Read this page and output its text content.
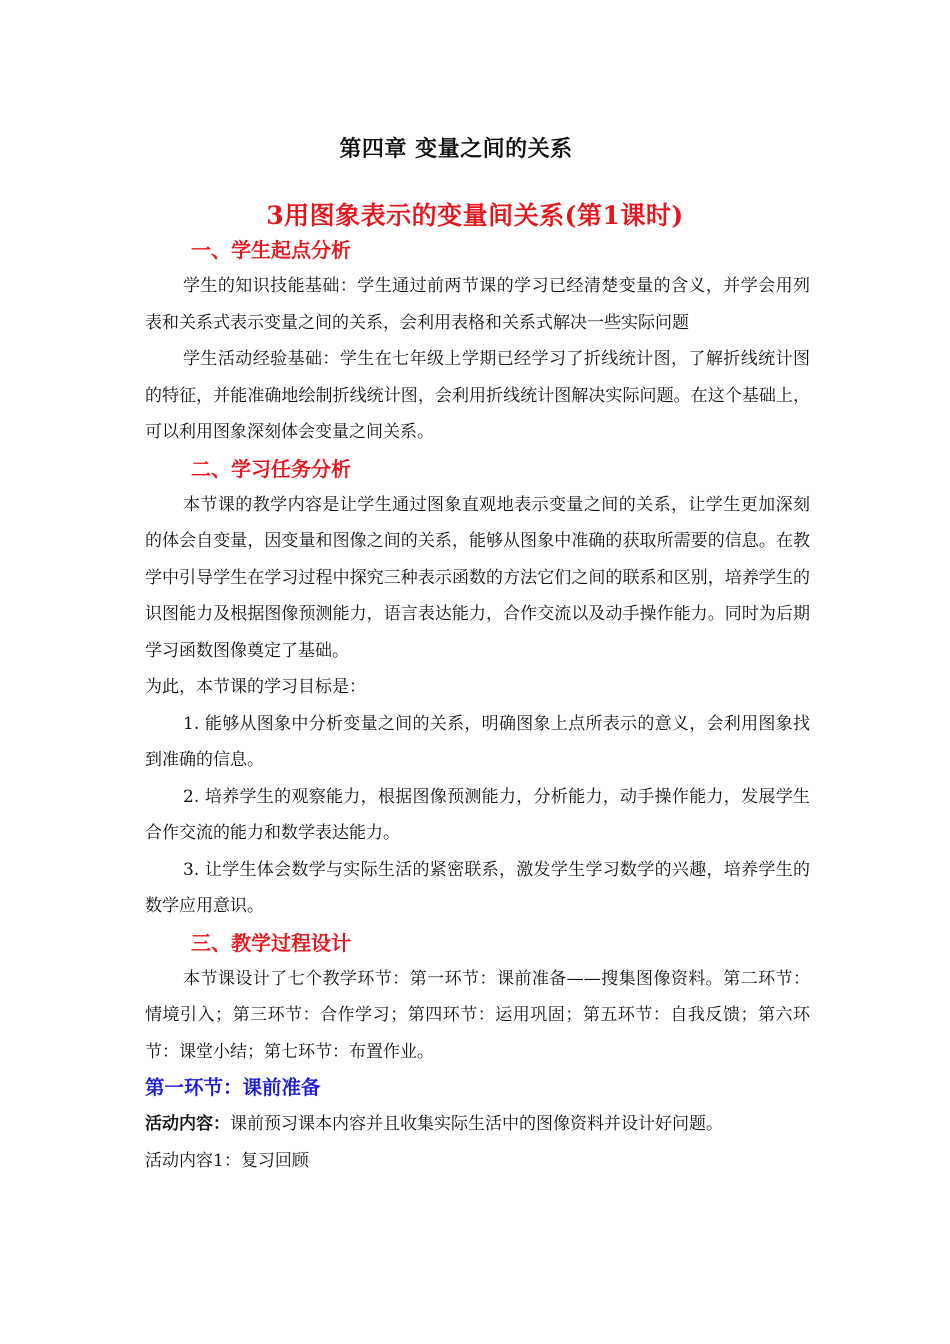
第四章 变量之间的关系
3用图象表示的变量间关系(第1课时)

一、学生起点分析

学生的知识技能基础：学生通过前两节课的学习已经清楚变量的含义，并学会用列表和关系式表示变量之间的关系，会利用表格和关系式解决一些实际问题

学生活动经验基础：学生在七年级上学期已经学习了折线统计图，了解折线统计图的特征，并能准确地绘制折线统计图，会利用折线统计图解决实际问题。在这个基础上，可以利用图象深刻体会变量之间关系。

二、学习任务分析

本节课的教学内容是让学生通过图象直观地表示变量之间的关系，让学生更加深刻的体会自变量，因变量和图像之间的关系，能够从图象中准确的获取所需要的信息。在教学中引导学生在学习过程中探究三种表示函数的方法它们之间的联系和区别，培养学生的识图能力及根据图像预测能力，语言表达能力，合作交流以及动手操作能力。同时为后期学习函数图像奠定了基础。

为此，本节课的学习目标是：

1. 能够从图象中分析变量之间的关系，明确图象上点所表示的意义，会利用图象找到准确的信息。

2. 培养学生的观察能力，根据图像预测能力，分析能力，动手操作能力，发展学生合作交流的能力和数学表达能力。

3. 让学生体会数学与实际生活的紧密联系，激发学生学习数学的兴趣，培养学生的数学应用意识。

三、教学过程设计

本节课设计了七个教学环节：第一环节：课前准备——搜集图像资料。第二环节：情境引入；第三环节：合作学习；第四环节：运用巩固；第五环节：自我反馈；第六环节：课堂小结；第七环节：布置作业。

第一环节：课前准备

活动内容：课前预习课本内容并且收集实际生活中的图像资料并设计好问题。

活动内容1：复习回顾
